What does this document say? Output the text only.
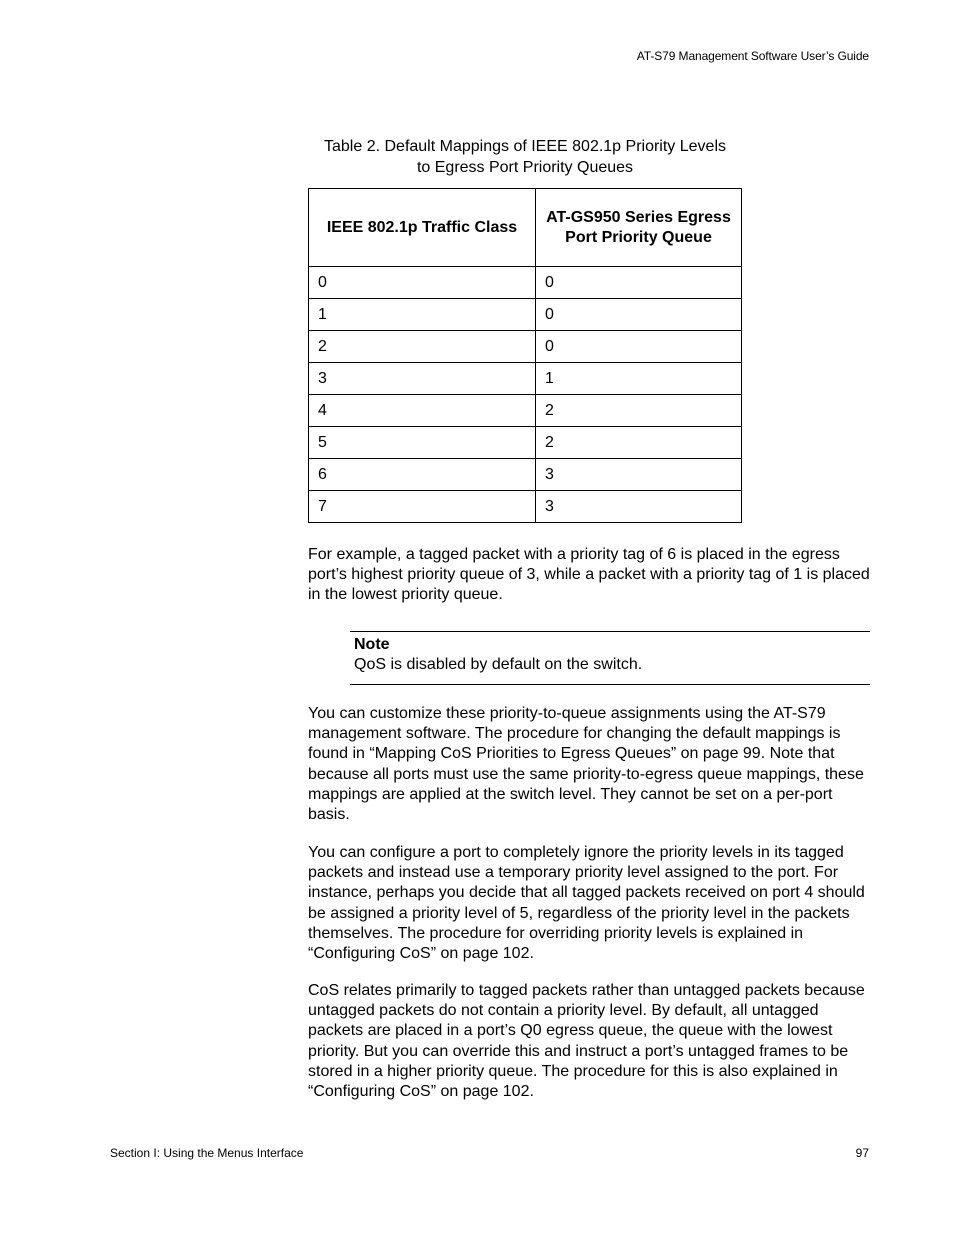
AT-S79 Management Software User’s Guide
Table 2. Default Mappings of IEEE 802.1p Priority Levels
to Egress Port Priority Queues
IEEE 802.1p Traffic Class	AT-GS950 Series Egress Port Priority Queue
0	0
1	0
2	0
3	1
4	2
5	2
6	3
7	3
For example, a tagged packet with a priority tag of 6 is placed in the egress port’s highest priority queue of 3, while a packet with a priority tag of 1 is placed in the lowest priority queue.
Note
QoS is disabled by default on the switch.
You can customize these priority-to-queue assignments using the AT-S79 management software. The procedure for changing the default mappings is found in “Mapping CoS Priorities to Egress Queues” on page 99. Note that because all ports must use the same priority-to-egress queue mappings, these mappings are applied at the switch level. They cannot be set on a per-port basis.
You can configure a port to completely ignore the priority levels in its tagged packets and instead use a temporary priority level assigned to the port. For instance, perhaps you decide that all tagged packets received on port 4 should be assigned a priority level of 5, regardless of the priority level in the packets themselves. The procedure for overriding priority levels is explained in “Configuring CoS” on page 102.
CoS relates primarily to tagged packets rather than untagged packets because untagged packets do not contain a priority level. By default, all untagged packets are placed in a port’s Q0 egress queue, the queue with the lowest priority. But you can override this and instruct a port’s untagged frames to be stored in a higher priority queue. The procedure for this is also explained in “Configuring CoS” on page 102.
Section I: Using the Menus Interface	97
